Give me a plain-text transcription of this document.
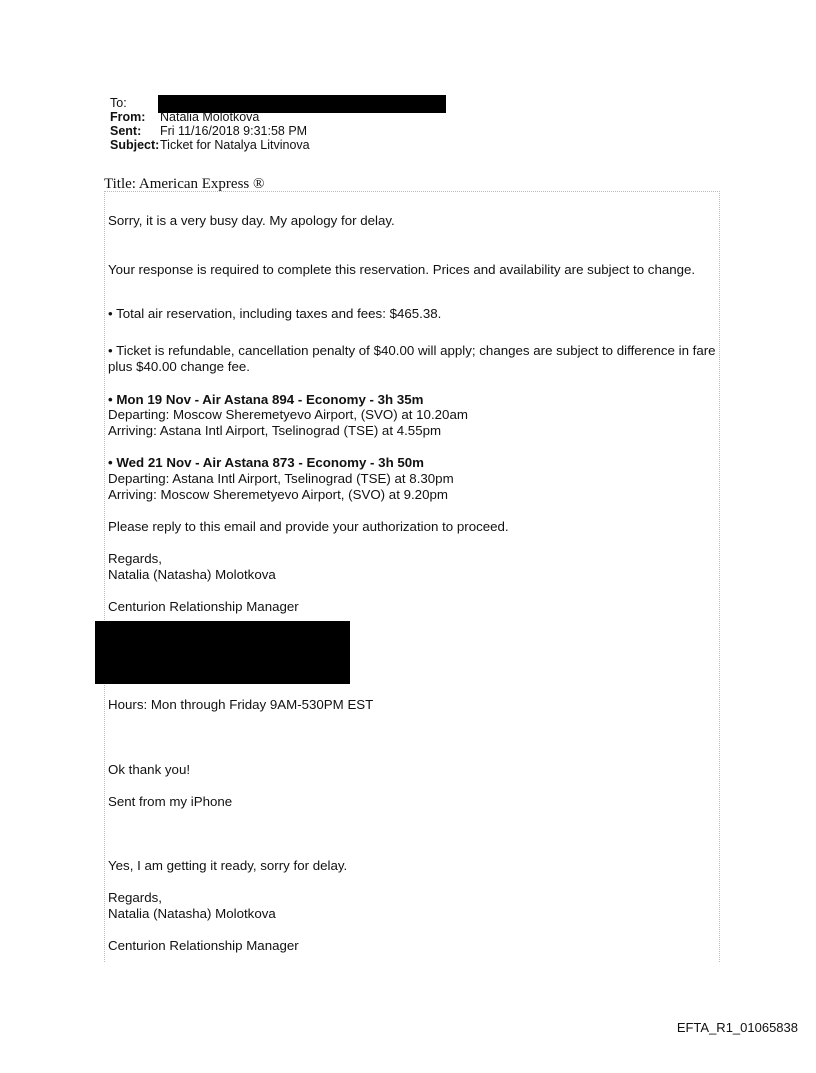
To:
From: Natalia Molotkova
Sent: Fri 11/16/2018 9:31:58 PM
Subject: Ticket for Natalya Litvinova
Title: American Express ®
Sorry, it is a very busy day. My apology for delay.
Your response is required to complete this reservation. Prices and availability are subject to change.
• Total air reservation, including taxes and fees: $465.38.
• Ticket is refundable, cancellation penalty of $40.00 will apply; changes are subject to difference in fare plus $40.00 change fee.
• Mon 19 Nov - Air Astana 894 - Economy - 3h 35m
Departing: Moscow Sheremetyevo Airport, (SVO) at 10.20am
Arriving: Astana Intl Airport, Tselinograd (TSE) at 4.55pm
• Wed 21 Nov - Air Astana 873 - Economy - 3h 50m
Departing: Astana Intl Airport, Tselinograd (TSE) at 8.30pm
Arriving: Moscow Sheremetyevo Airport, (SVO) at 9.20pm
Please reply to this email and provide your authorization to proceed.
Regards,
Natalia (Natasha) Molotkova
Centurion Relationship Manager
Hours: Mon through Friday 9AM-530PM EST
Ok thank you!
Sent from my iPhone
Yes, I am getting it ready, sorry for delay.
Regards,
Natalia (Natasha) Molotkova
Centurion Relationship Manager
EFTA_R1_01065838
